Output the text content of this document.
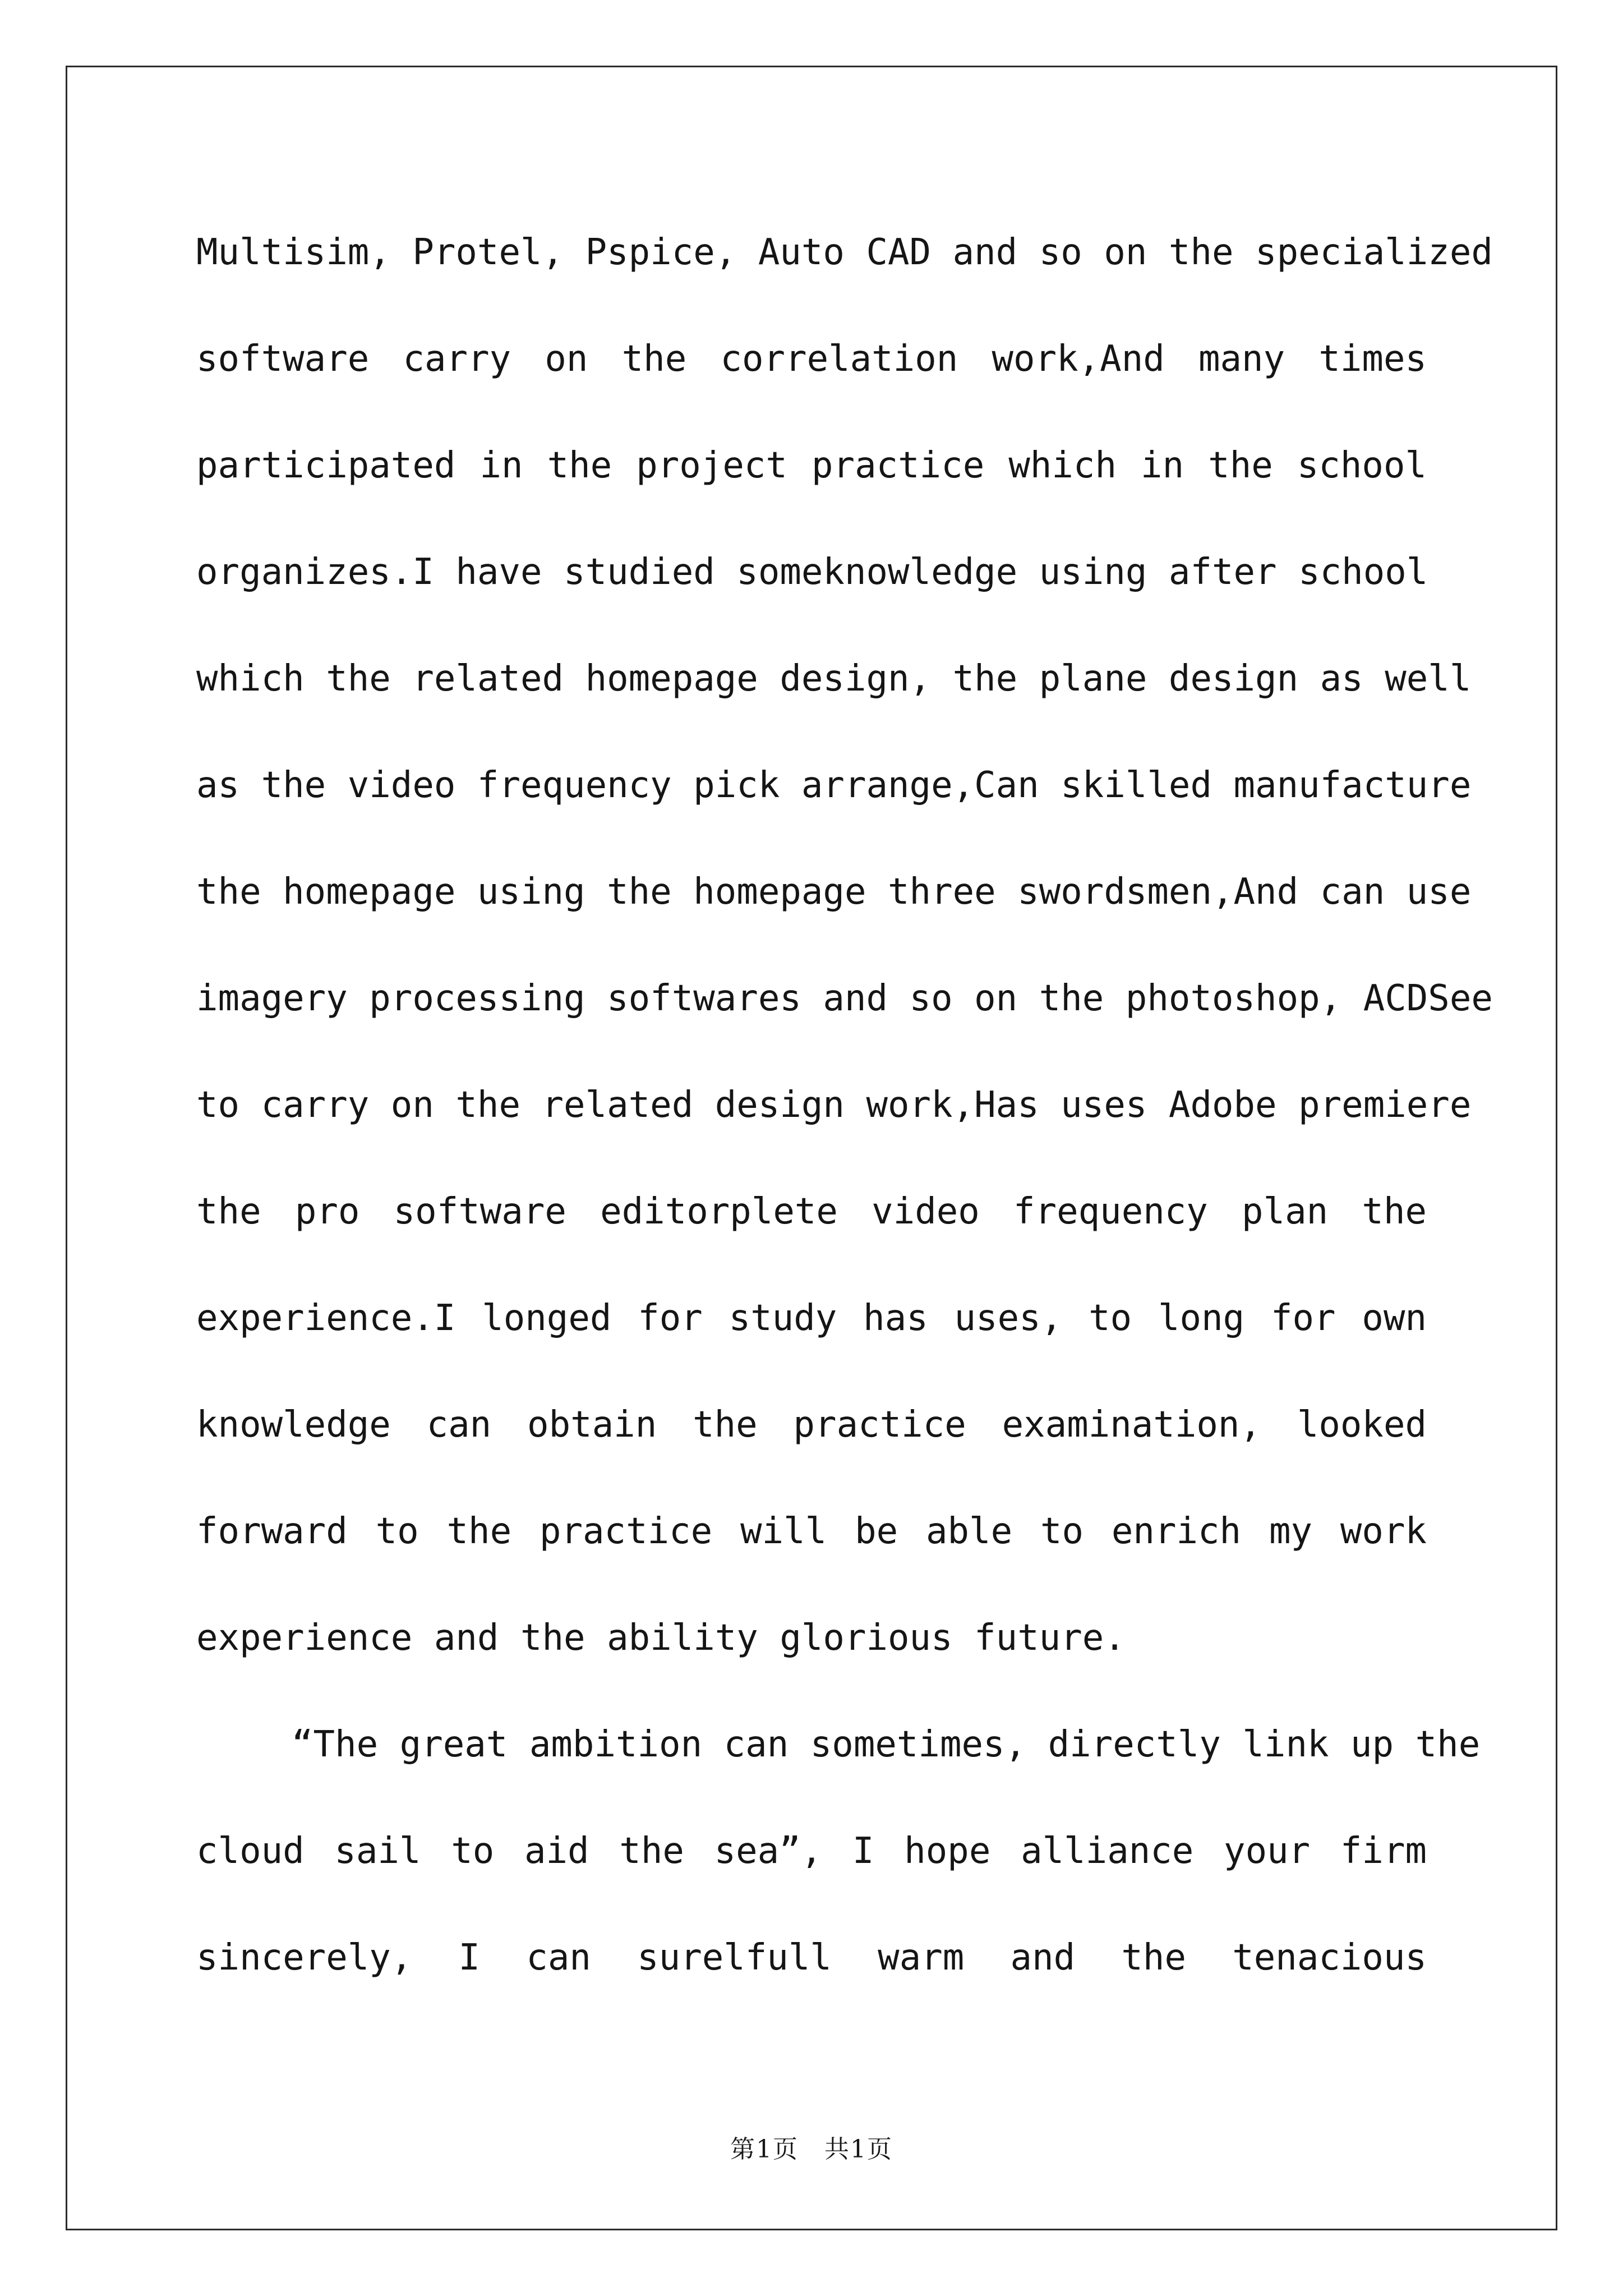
Multisim, Protel, Pspice, Auto CAD and so on the specialized
software carry on the correlation work,And many times
participated in the project practice which in the school
organizes.I have studied someknowledge using after school
which the related homepage design, the plane design as well
as the video frequency pick arrange,Can skilled manufacture
the homepage using the homepage three swordsmen,And can use
imagery processing softwares and so on the photoshop, ACDSee
to carry on the related design work,Has uses Adobe premiere
the pro software editorplete video frequency plan the
experience.I longed for study has uses, to long for own
knowledge can obtain the practice examination, looked
forward to the practice will be able to enrich my work
experience and the ability glorious future.
“The great ambition can sometimes, directly link up the
cloud sail to aid the sea”, I hope alliance your firm
sincerely, I can surelfull warm and the tenacious
第1页　共1页
